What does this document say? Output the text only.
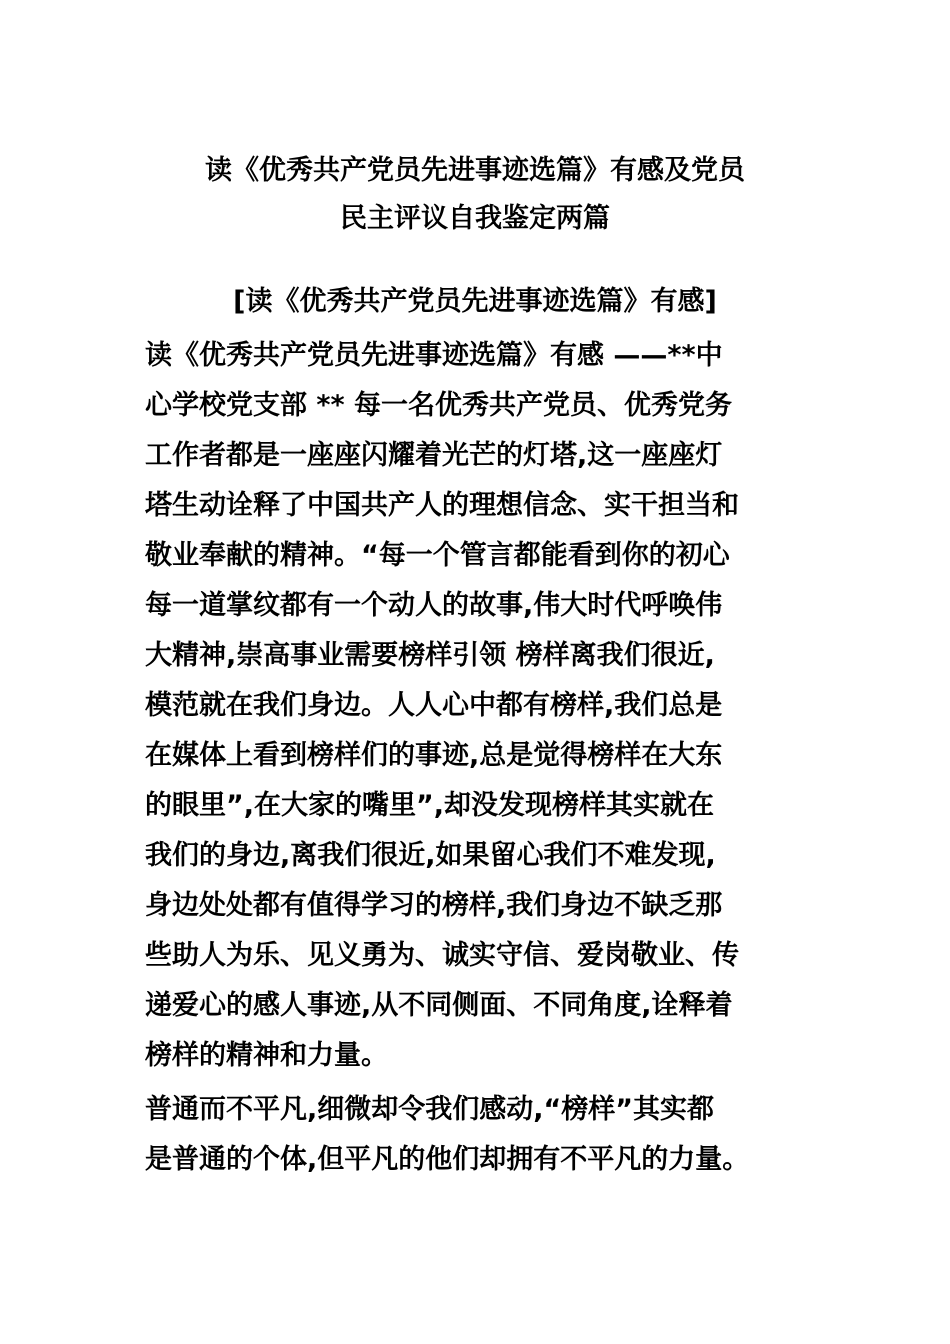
读《优秀共产党员先进事迹选篇》有感及党员
民主评议自我鉴定两篇
[读《优秀共产党员先进事迹选篇》有感]
读《优秀共产党员先进事迹选篇》有感 ——**中
心学校党支部 ** 每一名优秀共产党员、优秀党务
工作者都是一座座闪耀着光芒的灯塔,这一座座灯
塔生动诠释了中国共产人的理想信念、实干担当和
敬业奉献的精神。“每一个管言都能看到你的初心
每一道掌纹都有一个动人的故事,伟大时代呼唤伟
大精神,崇高事业需要榜样引领 榜样离我们很近,
模范就在我们身边。人人心中都有榜样,我们总是
在媒体上看到榜样们的事迹,总是觉得榜样在大东
的眼里”,在大家的嘴里”,却没发现榜样其实就在
我们的身边,离我们很近,如果留心我们不难发现,
身边处处都有值得学习的榜样,我们身边不缺乏那
些助人为乐、见义勇为、诚实守信、爱岗敬业、传
递爱心的感人事迹,从不同侧面、不同角度,诠释着
榜样的精神和力量。
普通而不平凡,细微却令我们感动,“榜样”其实都
是普通的个体,但平凡的他们却拥有不平凡的力量。
